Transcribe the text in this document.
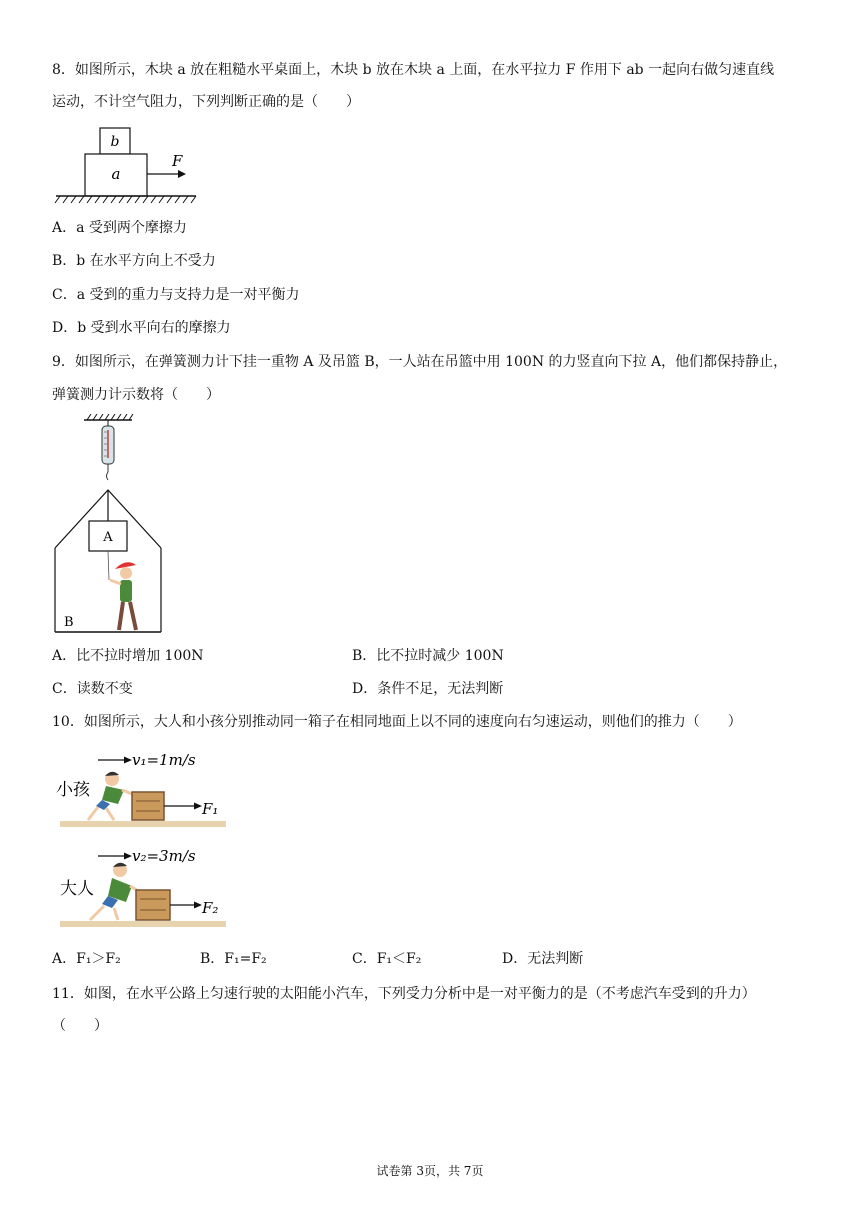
8．如图所示，木块 a 放在粗糙水平桌面上，木块 b 放在木块 a 上面，在水平拉力 F 作用下 ab 一起向右做匀速直线
运动，不计空气阻力，下列判断正确的是（　　）
b
a
F
A．a 受到两个摩擦力
B．b 在水平方向上不受力
C．a 受到的重力与支持力是一对平衡力
D．b 受到水平向右的摩擦力
9．如图所示，在弹簧测力计下挂一重物 A 及吊篮 B，一人站在吊篮中用 100N 的力竖直向下拉 A，他们都保持静止，
弹簧测力计示数将（　　）
A
B
A．比不拉时增加 100N	B．比不拉时减少 100N
C．读数不变	D．条件不足，无法判断
10．如图所示，大人和小孩分别推动同一箱子在相同地面上以不同的速度向右匀速运动，则他们的推力（　　）
v₁=1m/s
小孩
F₁
v₂=3m/s
大人
F₂
A．F₁＞F₂	B．F₁=F₂	C．F₁＜F₂	D．无法判断
11．如图，在水平公路上匀速行驶的太阳能小汽车，下列受力分析中是一对平衡力的是（不考虑汽车受到的升力）
（　　）
试卷第 3页，共 7页
